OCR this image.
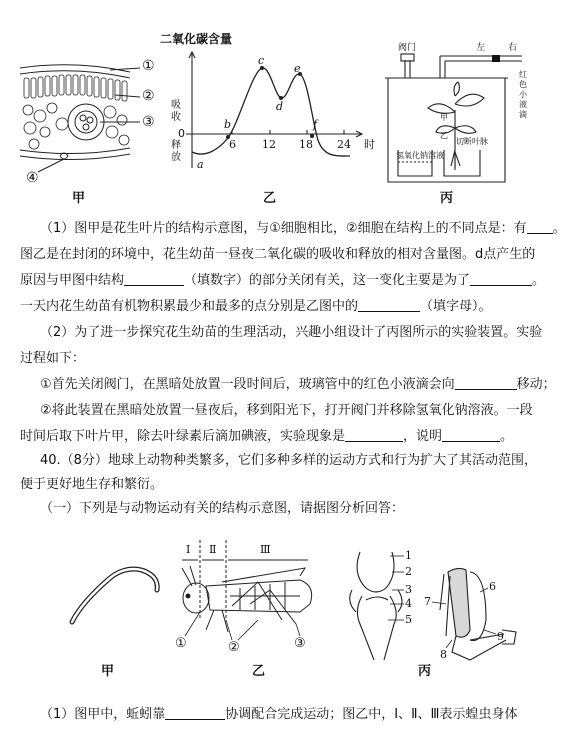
①
②
③
④
甲
二氧化碳含量
吸收
0
释放
6 12 18 24 时
a
b
c
d
e
f
乙
阀门	左	右
红色小液滴
甲
乙
切断叶脉
氢氧化钠溶液
丙
（1）图甲是花生叶片的结构示意图，与①细胞相比，②细胞在结构上的不同点是：有 。
图乙是在封闭的环境中，花生幼苗一昼夜二氧化碳的吸收和释放的相对含量图。d点产生的
原因与甲图中结构	（填数字）的部分关闭有关，这一变化主要是为了	。
一天内花生幼苗有机物积累最少和最多的点分别是乙图中的	（填字母）。
（2）为了进一步探究花生幼苗的生理活动，兴趣小组设计了丙图所示的实验装置。实验
过程如下：
①首先关闭阀门，在黑暗处放置一段时间后，玻璃管中的红色小液滴会向	移动；
②将此装置在黑暗处放置一昼夜后，移到阳光下，打开阀门并移除氢氧化钠溶液。一段
时间后取下叶片甲，除去叶绿素后滴加碘液，实验现象是	，说明	。
40.（8分）地球上动物种类繁多，它们多种多样的运动方式和行为扩大了其活动范围，
便于更好地生存和繁衍。
（一）下列是与动物运动有关的结构示意图，请据图分析回答：
甲
Ⅰ Ⅱ	Ⅲ
①	②	③
乙
1
2
3
4
5
6
7
8
9
丙
（1）图甲中，蚯蚓靠	协调配合完成运动；图乙中，Ⅰ、Ⅱ、Ⅲ表示蝗虫身体
